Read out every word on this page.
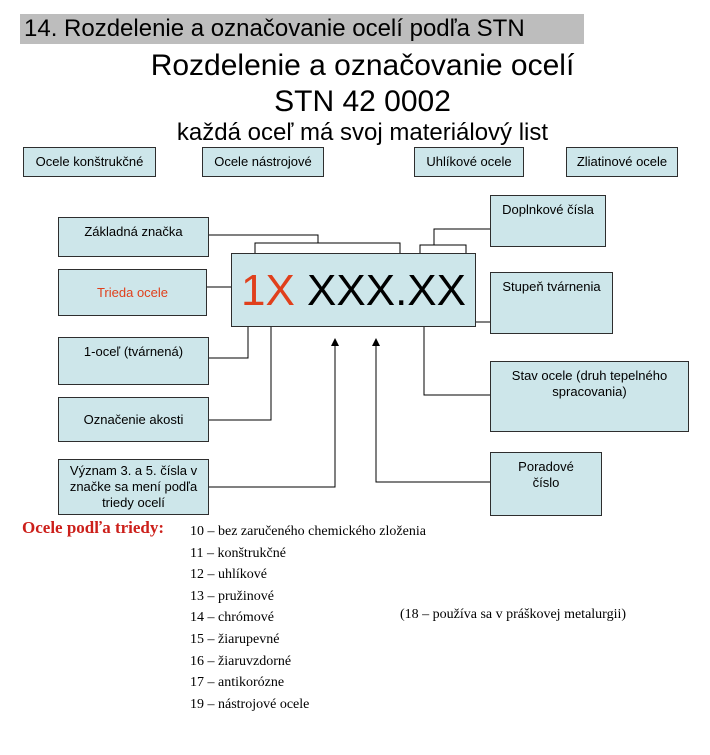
14. Rozdelenie a označovanie ocelí podľa STN
Rozdelenie a označovanie ocelí
STN 42 0002
každá oceľ má svoj materiálový list
Ocele konštrukčné	Ocele nástrojové	Uhlíkové ocele	Zliatinové ocele
1X XXX.XX
Základná značka
Trieda ocele
1-oceľ (tvárnená)
Označenie akosti
Význam 3. a 5. čísla v značke sa mení podľa triedy ocelí
Doplnkové čísla
Stupeň tvárnenia
Stav ocele (druh tepelného spracovania)
Poradové číslo
Ocele podľa triedy: 10 – bez zaručeného chemického zloženia
11 – konštrukčné
12 – uhlíkové
13 – pružinové
14 – chrómové
15 – žiarupevné
16 – žiaruvzdorné
17 – antikorózne
19 – nástrojové ocele
(18 – používa sa v práškovej metalurgii)
